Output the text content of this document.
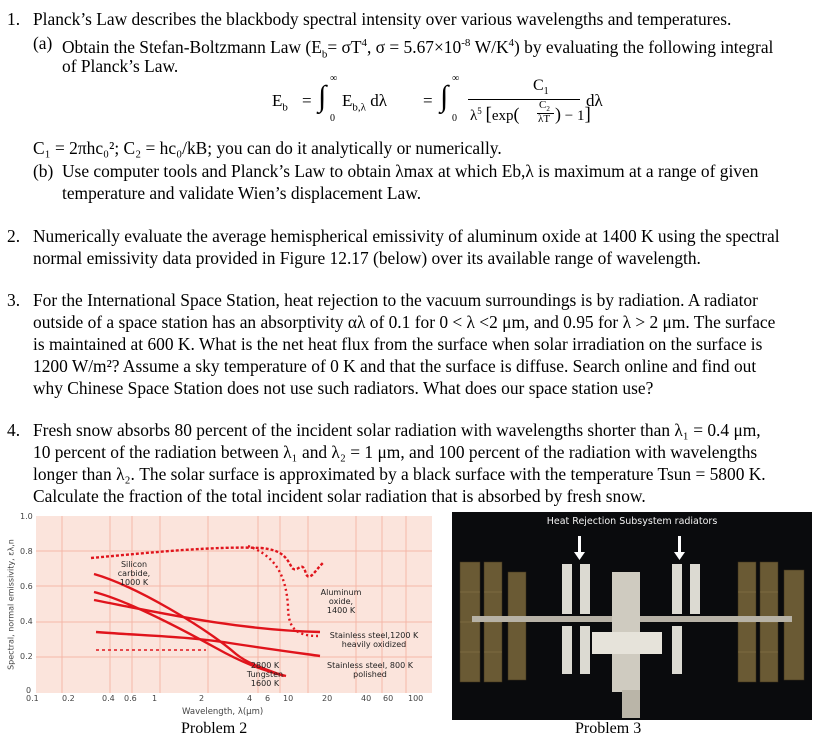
1. Planck’s Law describes the blackbody spectral intensity over various wavelengths and temperatures.
(a) Obtain the Stefan-Boltzmann Law ($E_b= \sigma T^4$, $\sigma = 5.67\times 10^{-8}$ $W/K^4$) by evaluating the following integral
of Planck’s Law.
$E_b$ = ∫
∞
0
$E_{b,\lambda}$ dλ = ∫
∞
0
$C_1$
$\lambda^5$ [exp( $C_2$
λT ) − 1]
dλ
C₁ = 2πhc₀²; C₂ = hc₀/kB; you can do it analytically or numerically.
(b) Use computer tools and Planck’s Law to obtain λmax at which Eb,λ is maximum at a range of given
temperature and validate Wien’s displacement Law.
2. Numerically evaluate the average hemispherical emissivity of aluminum oxide at 1400 K using the spectral
normal emissivity data provided in Figure 12.17 (below) over its available range of wavelength.
3. For the International Space Station, heat rejection to the vacuum surroundings is by radiation. A radiator
outside of a space station has an absorptivity αλ of 0.1 for 0 < λ <2 μm, and 0.95 for λ > 2 μm. The surface
is maintained at 600 K. What is the net heat flux from the surface when solar irradiation on the surface is
1200 W/m²? Assume a sky temperature of 0 K and that the surface is diffuse. Search online and find out
why Chinese Space Station does not use such radiators. What does our space station use?
4. Fresh snow absorbs 80 percent of the incident solar radiation with wavelengths shorter than λ₁ = 0.4 μm,
10 percent of the radiation between λ₁ and λ₂ = 1 μm, and 100 percent of the radiation with wavelengths
longer than λ₂. The solar surface is approximated by a black surface with the temperature Tsun = 5800 K.
Calculate the fraction of the total incident solar radiation that is absorbed by fresh snow.
1.0
0.8
0.6
0.4
0.2
0
0.1	0.2	0.4 0.6 1	2	4 6 10	20	40 60 100
Spectral, normal emissivity, ελ,n
Wavelength, λ(μm)
Silicon
carbide,
1000 K
Aluminum
oxide,
1400 K
Stainless steel,1200 K
heavily oxidized
2800 K
Tungsten
1600 K
Stainless steel, 800 K
polished
Problem 2
Heat Rejection Subsystem radiators
Problem 3
